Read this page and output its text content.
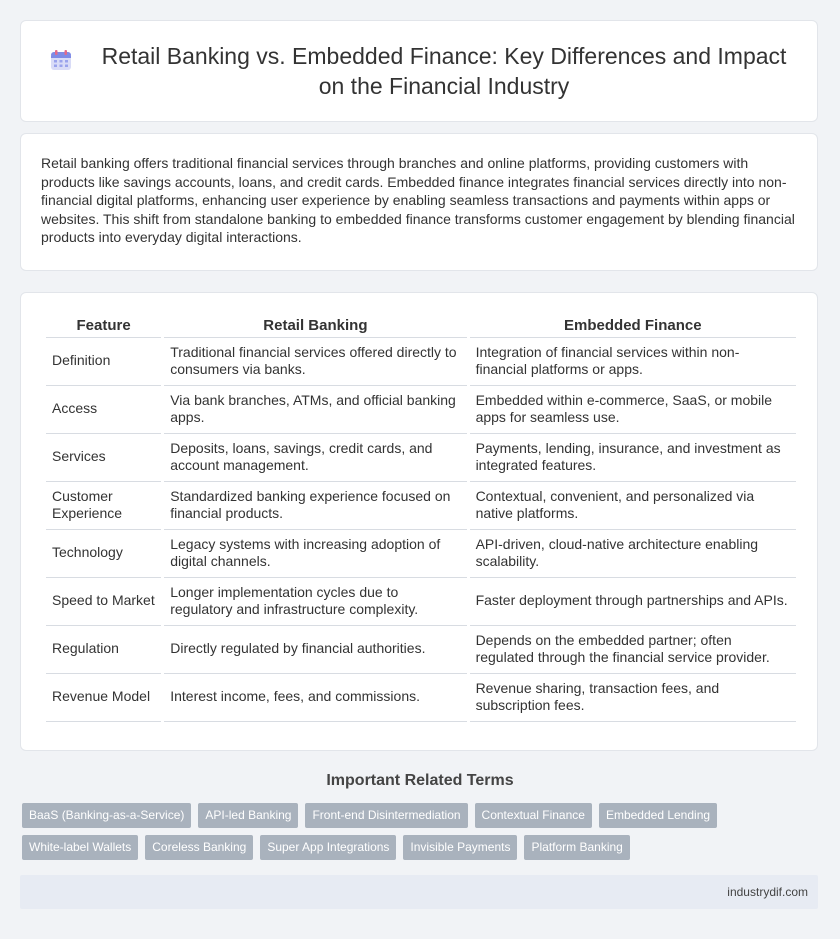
Retail Banking vs. Embedded Finance: Key Differences and Impact on the Financial Industry

Retail banking offers traditional financial services through branches and online platforms, providing customers with products like savings accounts, loans, and credit cards. Embedded finance integrates financial services directly into non-financial digital platforms, enhancing user experience by enabling seamless transactions and payments within apps or websites. This shift from standalone banking to embedded finance transforms customer engagement by blending financial products into everyday digital interactions.

Feature	Retail Banking	Embedded Finance
Definition	Traditional financial services offered directly to consumers via banks.	Integration of financial services within non-financial platforms or apps.
Access	Via bank branches, ATMs, and official banking apps.	Embedded within e-commerce, SaaS, or mobile apps for seamless use.
Services	Deposits, loans, savings, credit cards, and account management.	Payments, lending, insurance, and investment as integrated features.
Customer Experience	Standardized banking experience focused on financial products.	Contextual, convenient, and personalized via native platforms.
Technology	Legacy systems with increasing adoption of digital channels.	API-driven, cloud-native architecture enabling scalability.
Speed to Market	Longer implementation cycles due to regulatory and infrastructure complexity.	Faster deployment through partnerships and APIs.
Regulation	Directly regulated by financial authorities.	Depends on the embedded partner; often regulated through the financial service provider.
Revenue Model	Interest income, fees, and commissions.	Revenue sharing, transaction fees, and subscription fees.
Important Related Terms
BaaS (Banking-as-a-Service)	API-led Banking	Front-end Disintermediation	Contextual Finance	Embedded Lending
White-label Wallets	Coreless Banking	Super App Integrations	Invisible Payments	Platform Banking
industrydif.com
